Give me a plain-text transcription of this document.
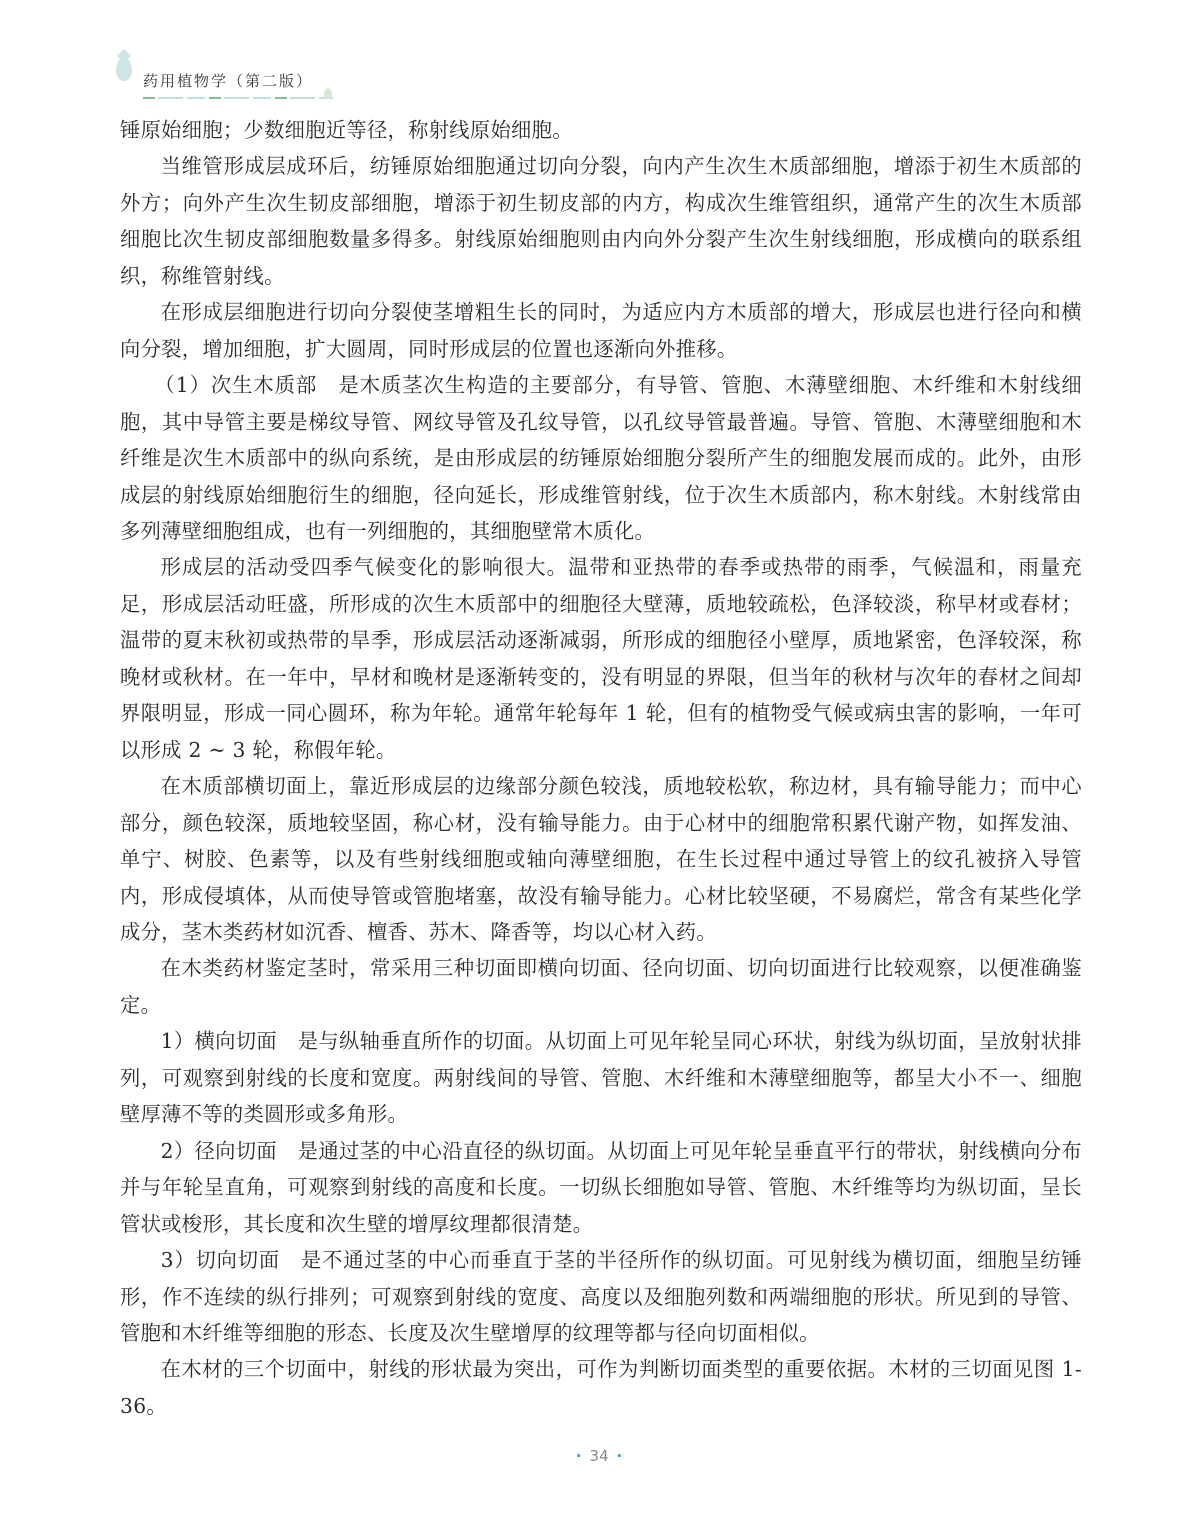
药用植物学（第二版）

锤原始细胞；少数细胞近等径，称射线原始细胞。

当维管形成层成环后，纺锤原始细胞通过切向分裂，向内产生次生木质部细胞，增添于初生木质部的外方；向外产生次生韧皮部细胞，增添于初生韧皮部的内方，构成次生维管组织，通常产生的次生木质部细胞比次生韧皮部细胞数量多得多。射线原始细胞则由内向外分裂产生次生射线细胞，形成横向的联系组织，称维管射线。

在形成层细胞进行切向分裂使茎增粗生长的同时，为适应内方木质部的增大，形成层也进行径向和横向分裂，增加细胞，扩大圆周，同时形成层的位置也逐渐向外推移。

（1）次生木质部　是木质茎次生构造的主要部分，有导管、管胞、木薄壁细胞、木纤维和木射线细胞，其中导管主要是梯纹导管、网纹导管及孔纹导管，以孔纹导管最普遍。导管、管胞、木薄壁细胞和木纤维是次生木质部中的纵向系统，是由形成层的纺锤原始细胞分裂所产生的细胞发展而成的。此外，由形成层的射线原始细胞衍生的细胞，径向延长，形成维管射线，位于次生木质部内，称木射线。木射线常由多列薄壁细胞组成，也有一列细胞的，其细胞壁常木质化。

形成层的活动受四季气候变化的影响很大。温带和亚热带的春季或热带的雨季，气候温和，雨量充足，形成层活动旺盛，所形成的次生木质部中的细胞径大壁薄，质地较疏松，色泽较淡，称早材或春材；温带的夏末秋初或热带的旱季，形成层活动逐渐减弱，所形成的细胞径小壁厚，质地紧密，色泽较深，称晚材或秋材。在一年中，早材和晚材是逐渐转变的，没有明显的界限，但当年的秋材与次年的春材之间却界限明显，形成一同心圆环，称为年轮。通常年轮每年 1 轮，但有的植物受气候或病虫害的影响，一年可以形成 2 ~ 3 轮，称假年轮。

在木质部横切面上，靠近形成层的边缘部分颜色较浅，质地较松软，称边材，具有输导能力；而中心部分，颜色较深，质地较坚固，称心材，没有输导能力。由于心材中的细胞常积累代谢产物，如挥发油、单宁、树胶、色素等，以及有些射线细胞或轴向薄壁细胞，在生长过程中通过导管上的纹孔被挤入导管内，形成侵填体，从而使导管或管胞堵塞，故没有输导能力。心材比较坚硬，不易腐烂，常含有某些化学成分，茎木类药材如沉香、檀香、苏木、降香等，均以心材入药。

在木类药材鉴定茎时，常采用三种切面即横向切面、径向切面、切向切面进行比较观察，以便准确鉴定。

1）横向切面　是与纵轴垂直所作的切面。从切面上可见年轮呈同心环状，射线为纵切面，呈放射状排列，可观察到射线的长度和宽度。两射线间的导管、管胞、木纤维和木薄壁细胞等，都呈大小不一、细胞壁厚薄不等的类圆形或多角形。

2）径向切面　是通过茎的中心沿直径的纵切面。从切面上可见年轮呈垂直平行的带状，射线横向分布并与年轮呈直角，可观察到射线的高度和长度。一切纵长细胞如导管、管胞、木纤维等均为纵切面，呈长管状或梭形，其长度和次生壁的增厚纹理都很清楚。

3）切向切面　是不通过茎的中心而垂直于茎的半径所作的纵切面。可见射线为横切面，细胞呈纺锤形，作不连续的纵行排列；可观察到射线的宽度、高度以及细胞列数和两端细胞的形状。所见到的导管、管胞和木纤维等细胞的形态、长度及次生壁增厚的纹理等都与径向切面相似。

在木材的三个切面中，射线的形状最为突出，可作为判断切面类型的重要依据。木材的三切面见图 1-36。

· 34 ·
